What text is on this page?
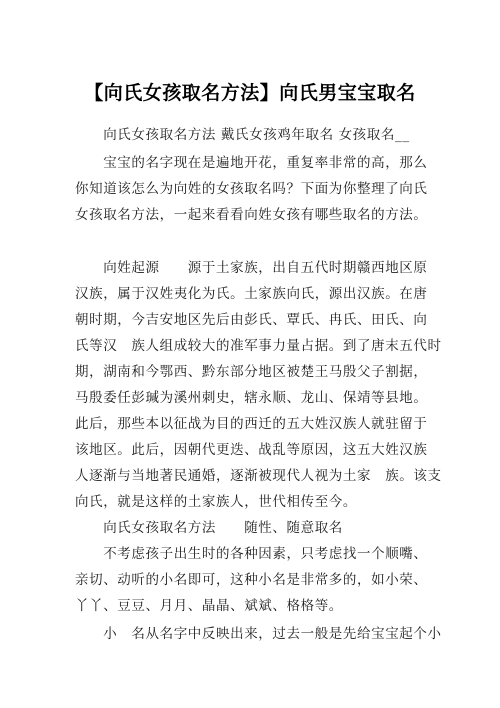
【向氏女孩取名方法】向氏男宝宝取名

　　向氏女孩取名方法 戴氏女孩鸡年取名 女孩取名__

　　宝宝的名字现在是遍地开花，重复率非常的高，那么

你知道该怎么为向姓的女孩取名吗？下面为你整理了向氏

女孩取名方法，一起来看看向姓女孩有哪些取名的方法。

　　向姓起源　　源于土家族，出自五代时期赣西地区原

汉族，属于汉姓夷化为氏。土家族向氏，源出汉族。在唐

朝时期，今吉安地区先后由彭氏、覃氏、冉氏、田氏、向

氏等汉　族人组成较大的准军事力量占据。到了唐末五代时

期，湖南和今鄂西、黔东部分地区被楚王马殷父子割据，

马殷委任彭瑊为溪州刺史，辖永顺、龙山、保靖等县地。

此后，那些本以征战为目的西迁的五大姓汉族人就驻留于

该地区。此后，因朝代更迭、战乱等原因，这五大姓汉族

人逐渐与当地著民通婚，逐渐被现代人视为土家　族。该支

向氏，就是这样的土家族人，世代相传至今。

　　向氏女孩取名方法　　随性、随意取名

　　不考虑孩子出生时的各种因素，只考虑找一个顺嘴、

亲切、动听的小名即可，这种小名是非常多的，如小荣、

丫丫、豆豆、月月、晶晶、斌斌、格格等。

　　小　名从名字中反映出来，过去一般是先给宝宝起个小
